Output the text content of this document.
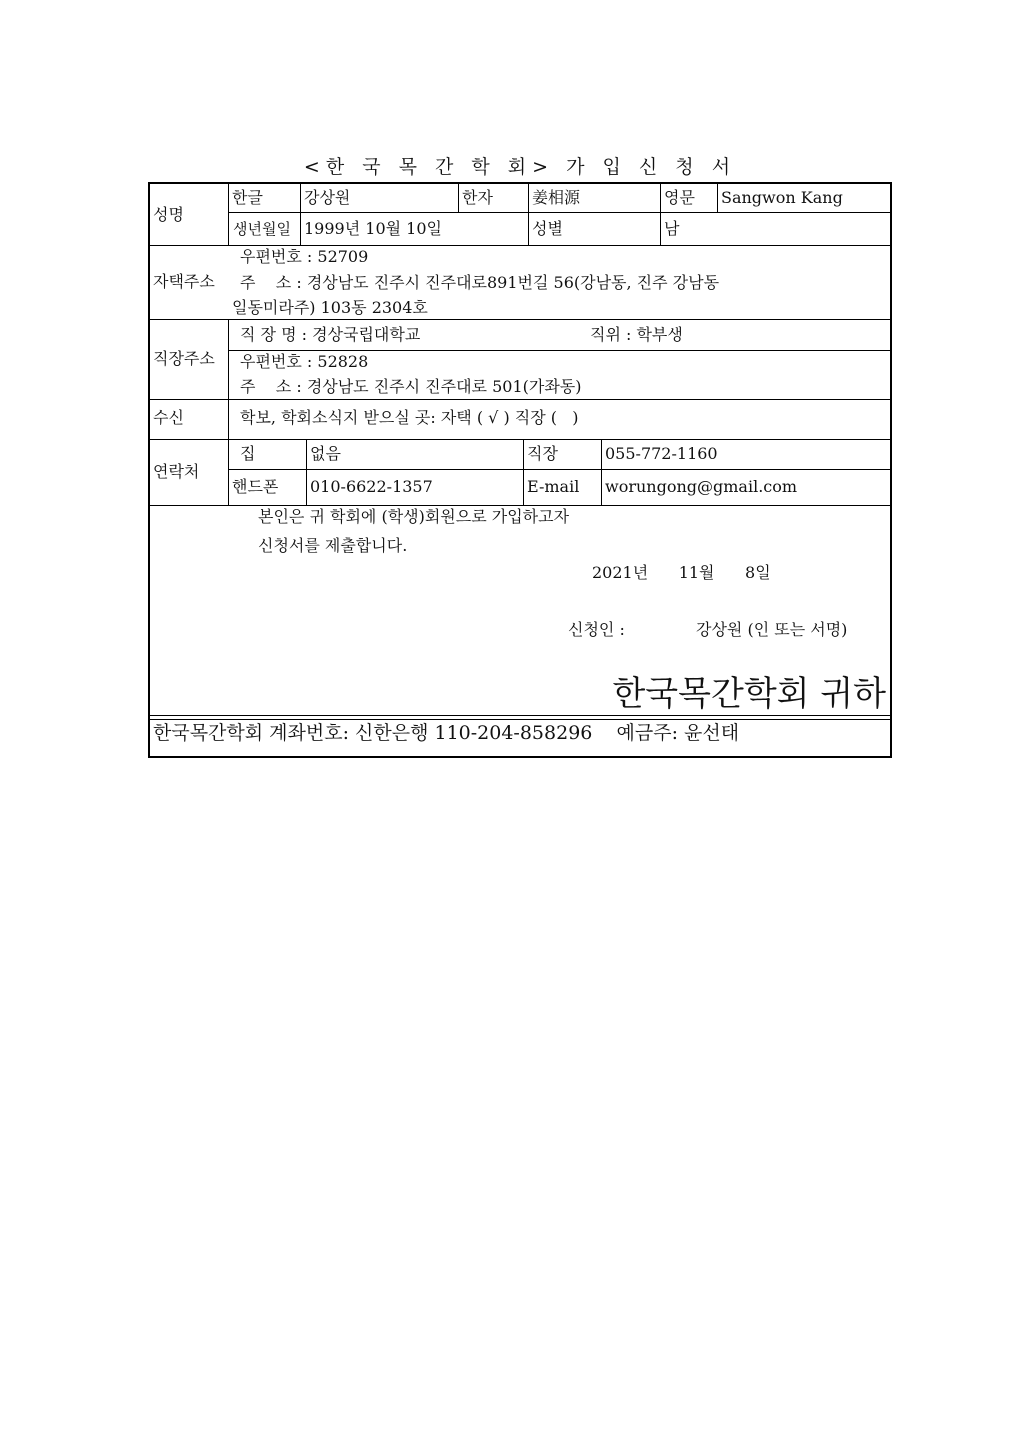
<한 국 목 간 학 회> 가 입 신 청 서
성명
한글	강상원	한자 姜相源	영문 Sangwon Kang
생년월일 1999년 10월 10일	성별	남
자택주소
우편번호 : 52709
주    소 : 경상남도 진주시 진주대로891번길 56(강남동, 진주 강남동
일동미라주) 103동 2304호
직장주소
직 장 명 : 경상국립대학교	직위 : 학부생
우편번호 : 52828
주    소 : 경상남도 진주시 진주대로 501(가좌동)
수신	학보, 학회소식지 받으실 곳: 자택 ( √ ) 직장 (   )
연락처
집	없음	직장	055-772-1160
핸드폰 010-6622-1357	E-mail worungong@gmail.com
본인은 귀 학회에 (학생)회원으로 가입하고자
신청서를 제출합니다.
2021년      11월      8일
신청인 :	강상원 (인 또는 서명)
한국목간학회 귀하
한국목간학회 계좌번호: 신한은행 110-204-858296    예금주: 윤선태
